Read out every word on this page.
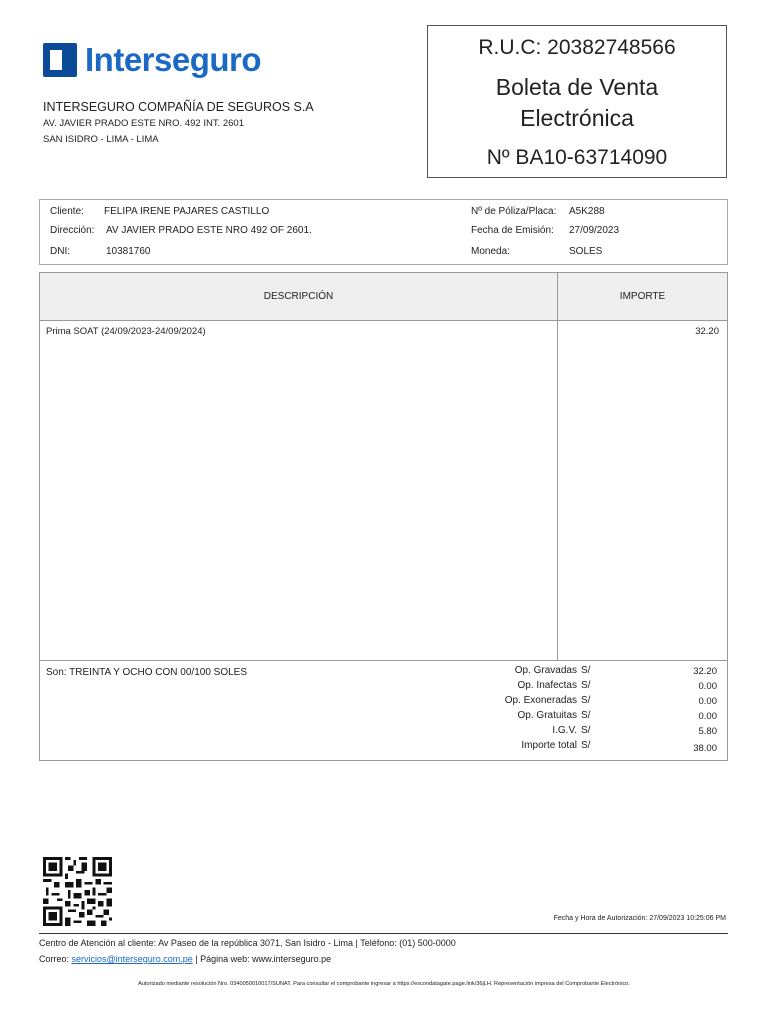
Interseguro
INTERSEGURO COMPAÑÍA DE SEGUROS S.A
AV. JAVIER PRADO ESTE NRO. 492 INT. 2601
SAN ISIDRO - LIMA - LIMA
R.U.C: 20382748566
Boleta de Venta
Electrónica
Nº BA10-63714090
Cliente: FELIPA IRENE PAJARES CASTILLO
Dirección: AV JAVIER PRADO ESTE NRO 492 OF 2601.
DNI:	10381760
Nº de Póliza/Placa: A5K288
Fecha de Emisión: 27/09/2023
Moneda:	SOLES
DESCRIPCIÓN	IMPORTE
Prima SOAT (24/09/2023-24/09/2024)	32.20
Son: TREINTA Y OCHO CON 00/100 SOLES	Op. Gravadas S/	32.20
Op. Inafectas S/	0.00
Op. Exoneradas S/	0.00
Op. Gratuitas S/	0.00
I.G.V. S/	5.80
Importe total S/	38.00
Fecha y Hora de Autorización: 27/09/2023 10:25:06 PM
Centro de Atención al cliente: Av Paseo de la república 3071, San Isidro - Lima | Teléfono: (01) 500-0000
Correo: servicios@interseguro.com.pe | Página web: www.interseguro.pe
Autorizado mediante resolución Nro. 0340050010017/SUNAT. Para consultar el comprobante ingresar a https://escondatagate.page.link/36jLH. Representación impresa del Comprobante Electrónico.
